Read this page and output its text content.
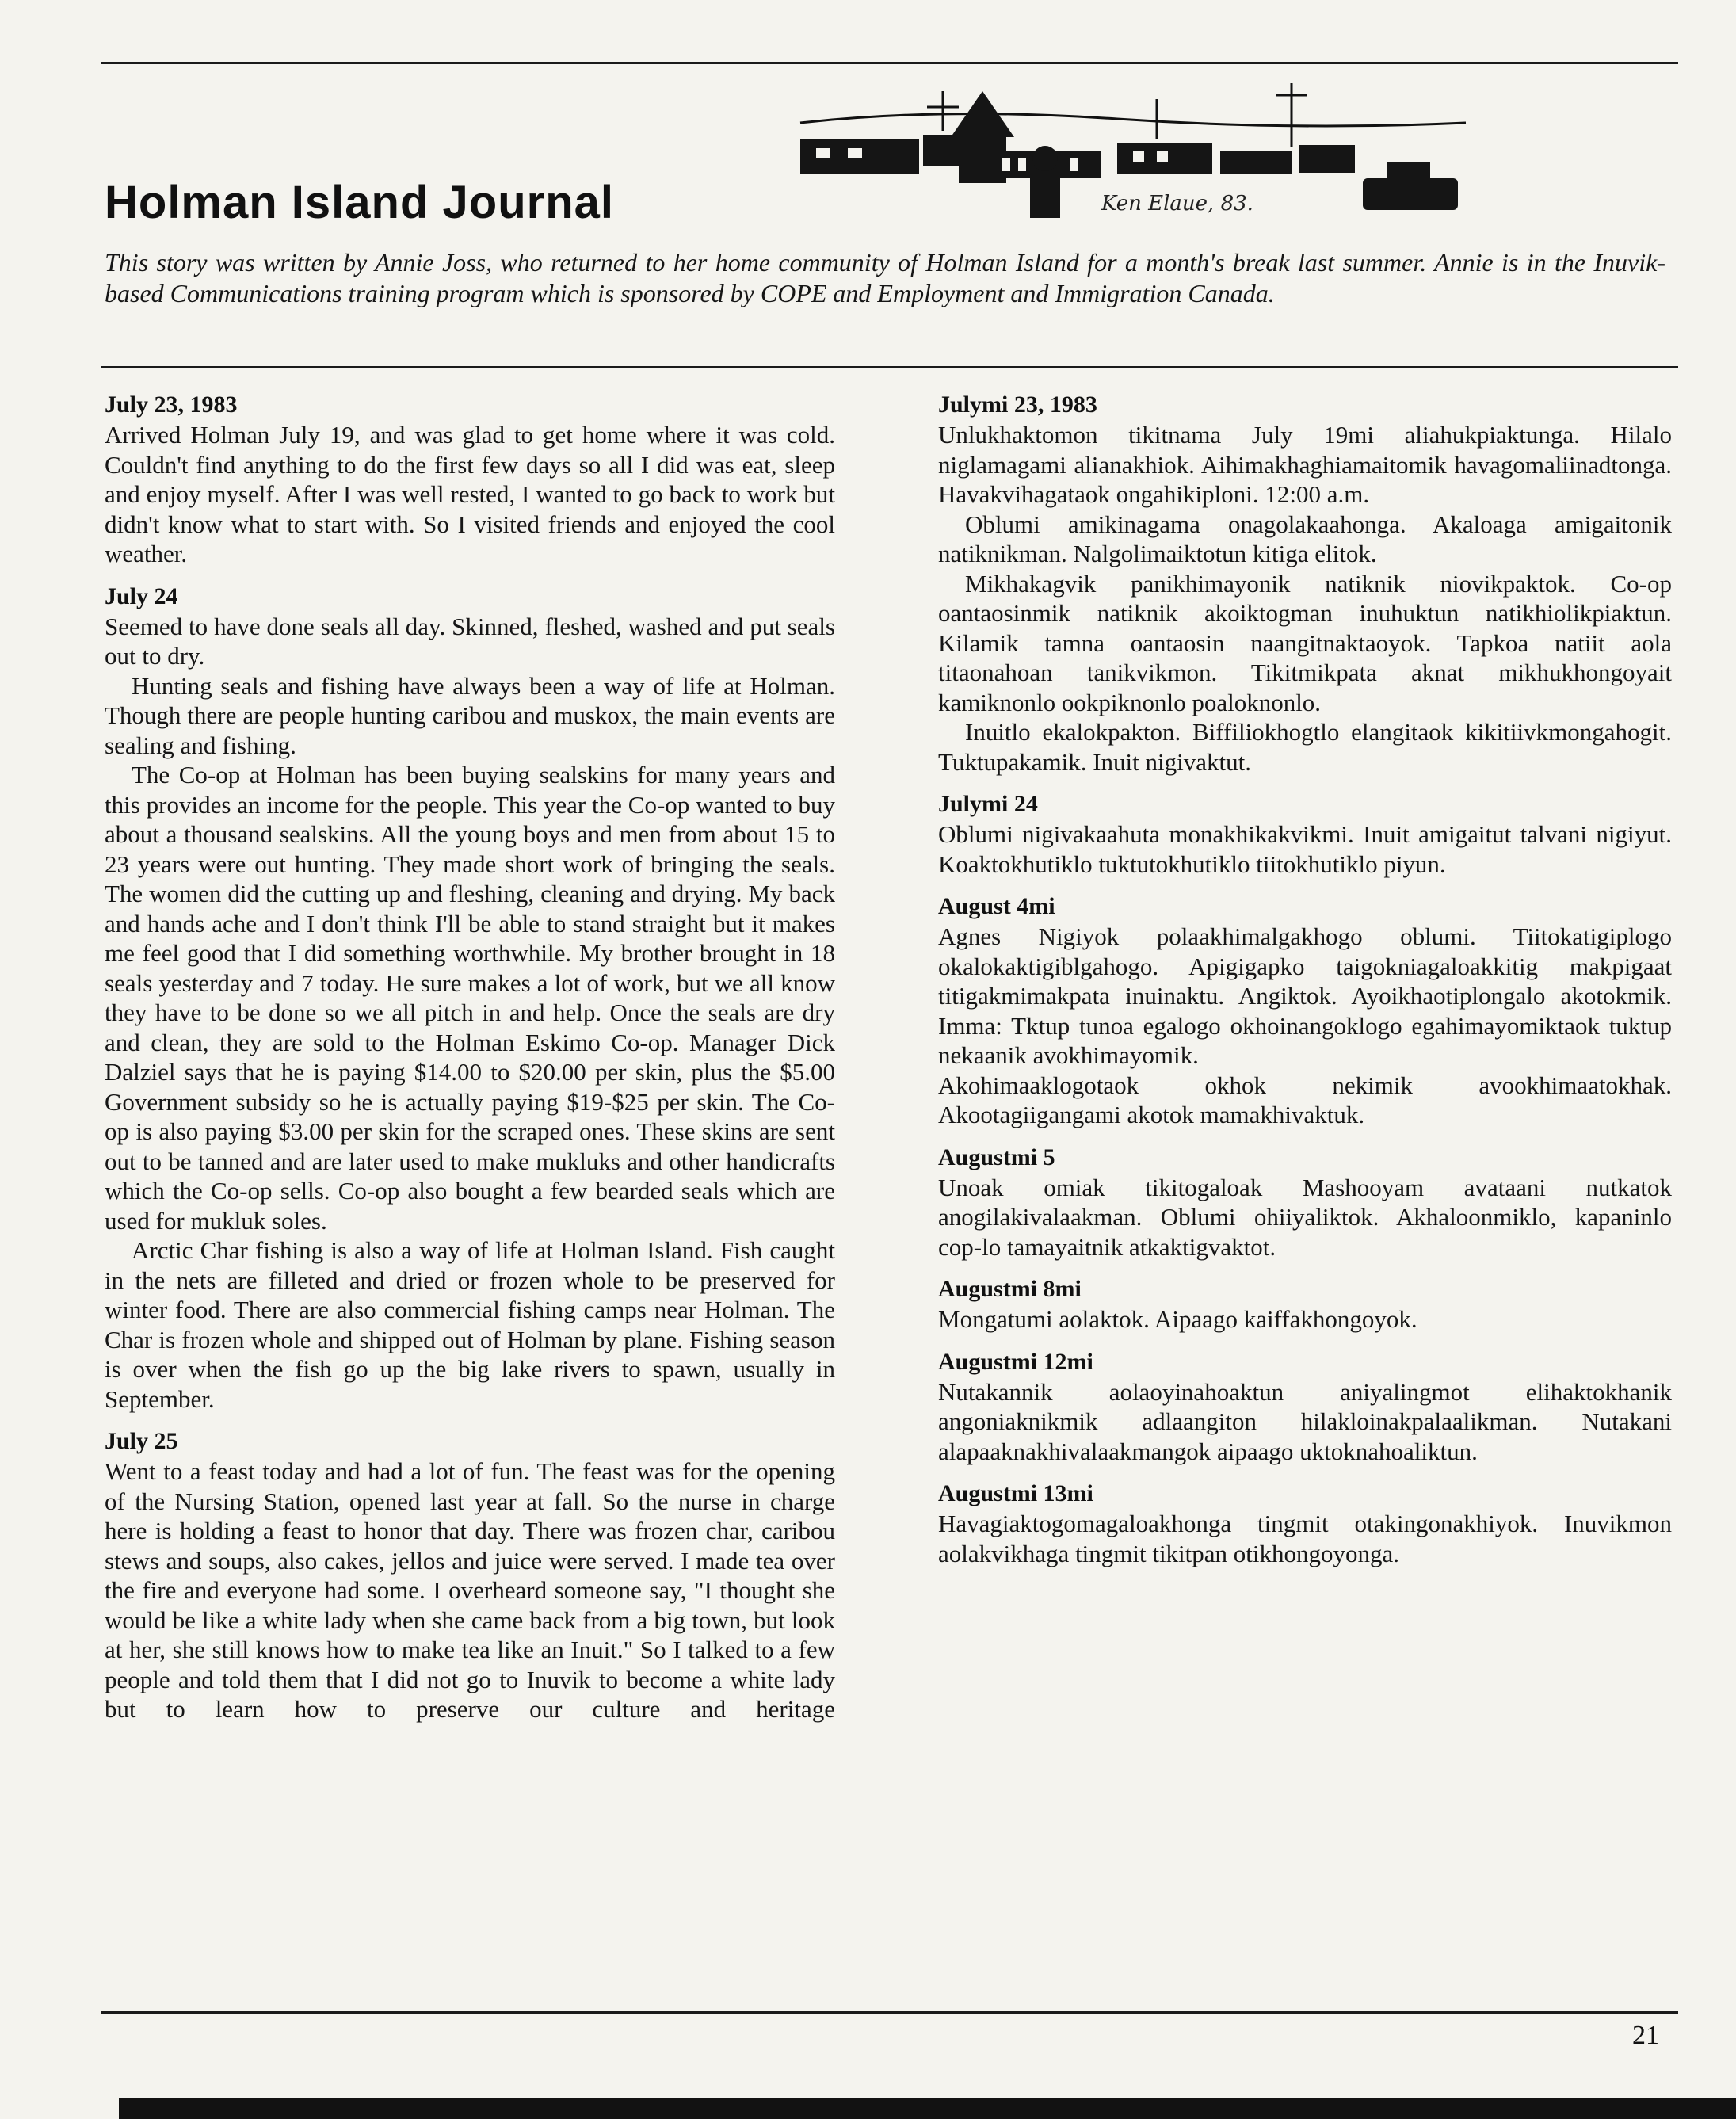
Holman Island Journal	Ken Elaue, 83.

This story was written by Annie Joss, who returned to her home community of Holman Island for a month's break last summer. Annie is in the Inuvik-based Communications training program which is sponsored by COPE and Employment and Immigration Canada.

July 23, 1983

Arrived Holman July 19, and was glad to get home where it was cold. Couldn't find anything to do the first few days so all I did was eat, sleep and enjoy myself. After I was well rested, I wanted to go back to work but didn't know what to start with. So I visited friends and enjoyed the cool weather.

July 24

Seemed to have done seals all day. Skinned, fleshed, washed and put seals out to dry.

Hunting seals and fishing have always been a way of life at Holman. Though there are people hunting caribou and muskox, the main events are sealing and fishing.

The Co-op at Holman has been buying sealskins for many years and this provides an income for the people. This year the Co-op wanted to buy about a thousand sealskins. All the young boys and men from about 15 to 23 years were out hunting. They made short work of bringing the seals. The women did the cutting up and fleshing, cleaning and drying. My back and hands ache and I don't think I'll be able to stand straight but it makes me feel good that I did something worthwhile. My brother brought in 18 seals yesterday and 7 today. He sure makes a lot of work, but we all know they have to be done so we all pitch in and help. Once the seals are dry and clean, they are sold to the Holman Eskimo Co-op. Manager Dick Dalziel says that he is paying $14.00 to $20.00 per skin, plus the $5.00 Government subsidy so he is actually paying $19-$25 per skin. The Co-op is also paying $3.00 per skin for the scraped ones. These skins are sent out to be tanned and are later used to make mukluks and other handicrafts which the Co-op sells. Co-op also bought a few bearded seals which are used for mukluk soles.

Arctic Char fishing is also a way of life at Holman Island. Fish caught in the nets are filleted and dried or frozen whole to be preserved for winter food. There are also commercial fishing camps near Holman. The Char is frozen whole and shipped out of Holman by plane. Fishing season is over when the fish go up the big lake rivers to spawn, usually in September.

July 25

Went to a feast today and had a lot of fun. The feast was for the opening of the Nursing Station, opened last year at fall. So the nurse in charge here is holding a feast to honor that day. There was frozen char, caribou stews and soups, also cakes, jellos and juice were served. I made tea over the fire and everyone had some. I overheard someone say, "I thought she would be like a white lady when she came back from a big town, but look at her, she still knows how to make tea like an Inuit." So I talked to a few people and told them that I did not go to Inuvik to become a white lady but to learn how to preserve our culture and heritage

Julymi 23, 1983

Unlukhaktomon tikitnama July 19mi aliahukpiaktunga. Hilalo niglamagami alianakhiok. Aihimakhaghiamaitomik havagomaliinadtonga. Havakvihagataok ongahikiploni. 12:00 a.m.

Oblumi amikinagama onagolakaahonga. Akaloaga amigaitonik natiknikman. Nalgolimaiktotun kitiga elitok.

Mikhakagvik panikhimayonik natiknik niovikpaktok. Co-op oantaosinmik natiknik akoiktogman inuhuktun natikhiolikpiaktun. Kilamik tamna oantaosin naangitnaktaoyok. Tapkoa natiit aola titaonahoan tanikvikmon. Tikitmikpata aknat mikhukhongoyait kamiknonlo ookpiknonlo poaloknonlo.

Inuitlo ekalokpakton. Biffiliokhogtlo elangitaok kikitiivkmongahogit. Tuktupakamik. Inuit nigivaktut.

Julymi 24

Oblumi nigivakaahuta monakhikakvikmi. Inuit amigaitut talvani nigiyut. Koaktokhutiklo tuktutokhutiklo tiitokhutiklo piyun.

August 4mi

Agnes Nigiyok polaakhimalgakhogo oblumi. Tiitokatigiplogo okalokaktigiblgahogo. Apigigapko taigokniagaloakkitig makpigaat titigakmimakpata inuinaktu. Angiktok. Ayoikhaotiplongalo akotokmik. Imma: Tktup tunoa egalogo okhoinangoklogo egahimayomiktaok tuktup nekaanik avokhimayomik.

Akohimaaklogotaok okhok nekimik avookhimaatokhak. Akootagiigangami akotok mamakhivaktuk.

Augustmi 5

Unoak omiak tikitogaloak Mashooyam avataani nutkatok anogilakivalaakman. Oblumi ohiiyaliktok. Akhaloonmiklo, kapaninlo cop-lo tamayaitnik atkaktigvaktot.

Augustmi 8mi

Mongatumi aolaktok. Aipaago kaiffakhongoyok.

Augustmi 12mi

Nutakannik aolaoyinahoaktun aniyalingmot elihaktokhanik angoniaknikmik adlaangiton hilakloinakpalaalikman. Nutakani alapaaknakhivalaakmangok aipaago uktoknahoaliktun.

Augustmi 13mi

Havagiaktogomagaloakhonga tingmit otakingonakhiyok. Inuvikmon aolakvikhaga tingmit tikitpan otikhongoyonga.

21
